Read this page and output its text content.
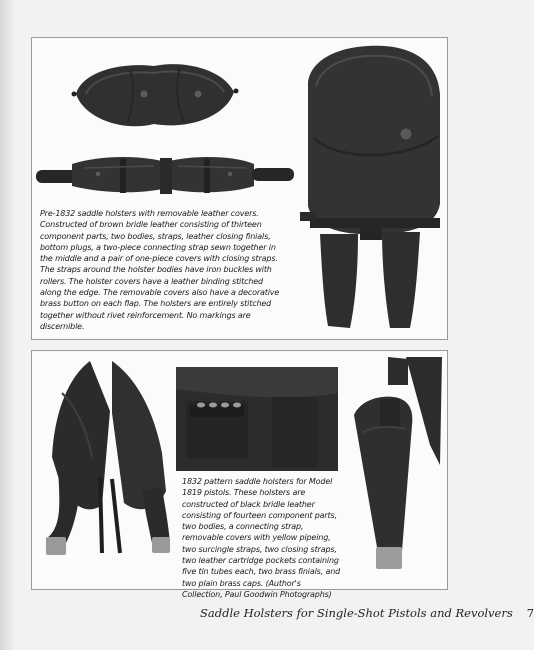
Pre-1832 saddle holsters with removable leather covers. Constructed of brown bridle leather consisting of thirteen component parts, two bodies, straps, leather closing finials, bottom plugs, a two-piece connecting strap sewn together in the middle and a pair of one-piece covers with closing straps. The straps around the holster bodies have iron buckles with rollers. The holster covers have a leather binding stitched along the edge. The removable covers also have a decorative brass button on each flap. The holsters are entirely stitched together without rivet reinforcement. No markings are discernible.

1832 pattern saddle holsters for Model 1819 pistols. These holsters are constructed of black bridle leather consisting of fourteen component parts, two bodies, a connecting strap, removable covers with yellow pipeing, two surcingle straps, two closing straps, two leather cartridge pockets containing five tin tubes each, two brass finials, and two plain brass caps. (Author's Collection, Paul Goodwin Photographs)

Saddle Holsters for Single-Shot Pistols and Revolvers 7
